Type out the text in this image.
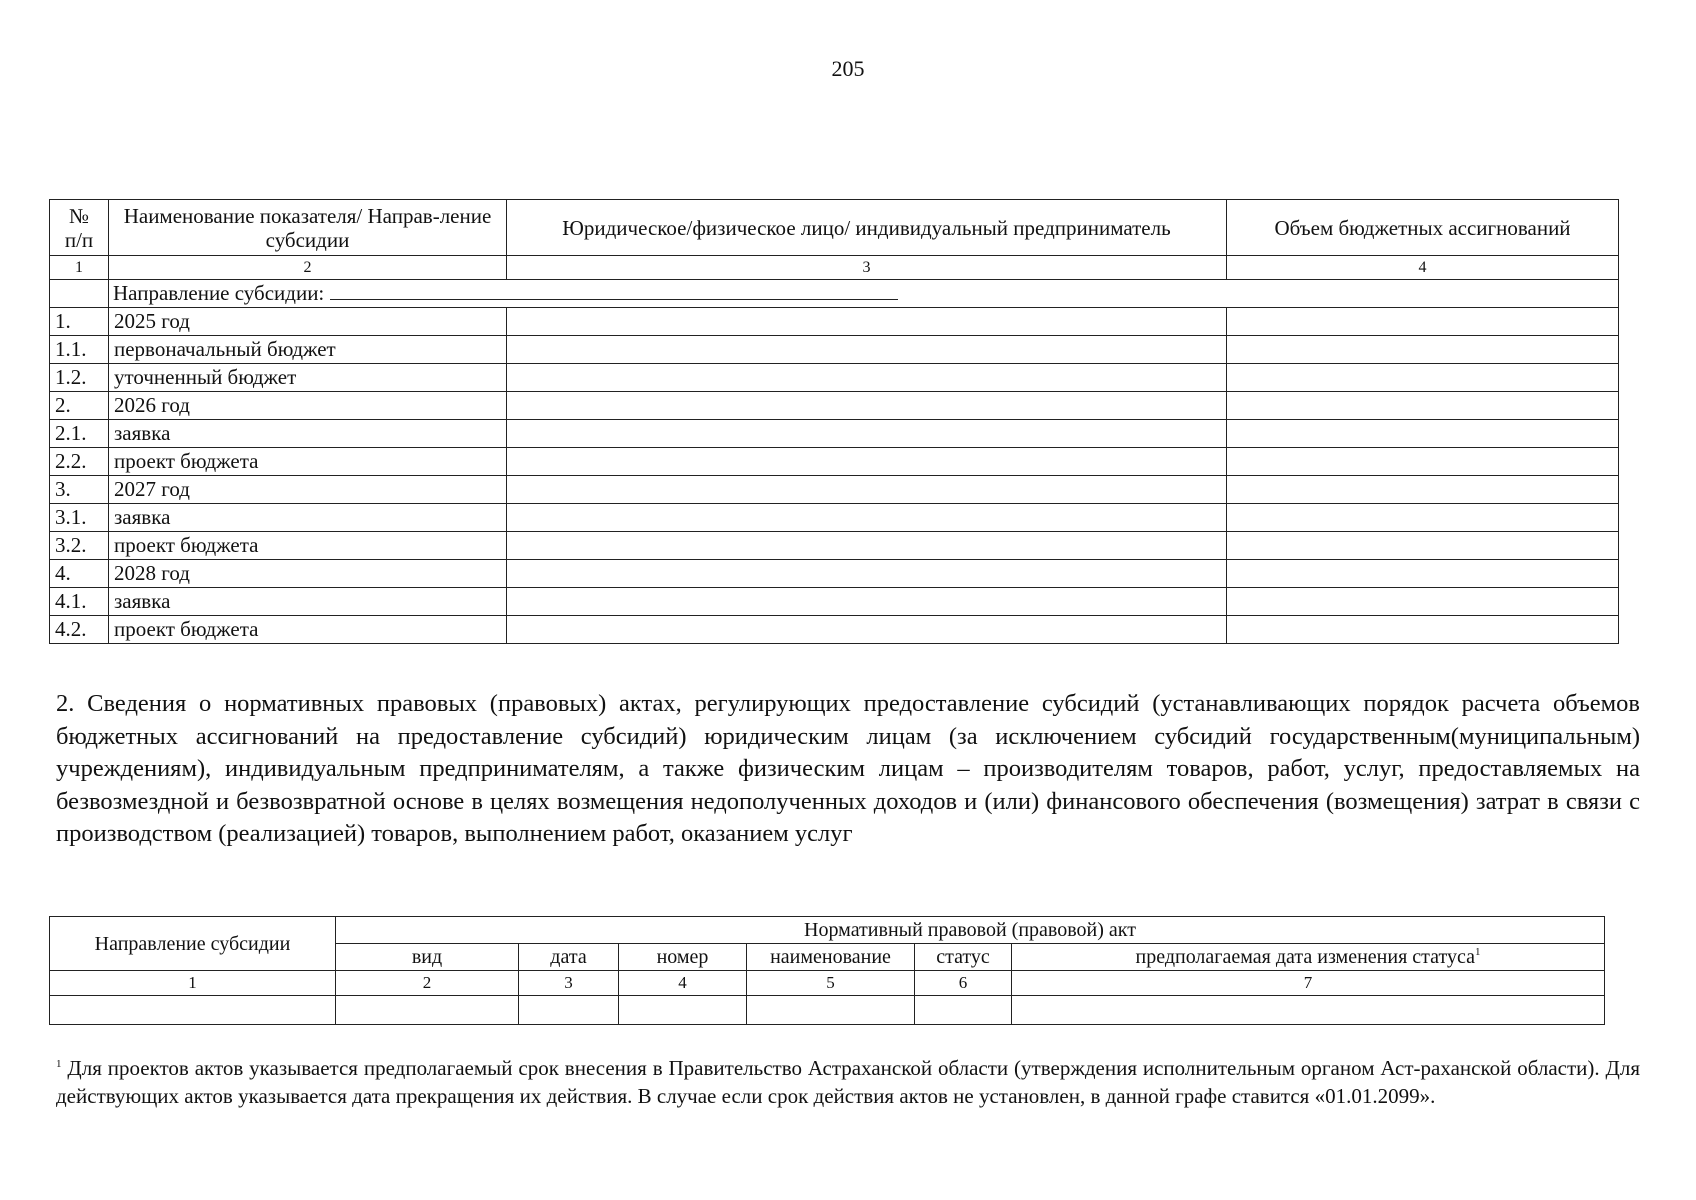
205
№
п/п	Наименование показателя/ Направ-ление субсидии	Юридическое/физическое лицо/ индивидуальный предприниматель	Объем бюджетных ассигнований
1	2	3	4
	Направление субсидии:		
1.	2025 год		
1.1.	первоначальный бюджет		
1.2.	уточненный бюджет		
2.	2026 год		
2.1.	заявка		
2.2.	проект бюджета		
3.	2027 год		
3.1.	заявка		
3.2.	проект бюджета		
4.	2028 год		
4.1.	заявка		
4.2.	проект бюджета		
2. Сведения о нормативных правовых (правовых) актах, регулирующих предоставление субсидий (устанавливающих порядок расчета объемов бюджетных ассигнований на предоставление субсидий) юридическим лицам (за исключением субсидий государственным(муниципальным) учреждениям), индивидуальным предпринимателям, а также физическим лицам – производителям товаров, работ, услуг, предоставляемых на безвозмездной и безвозвратной основе в целях возмещения недополученных доходов и (или) финансового обеспечения (возмещения) затрат в связи с производством (реализацией) товаров, выполнением работ, оказанием услуг
Направление субсидии	Нормативный правовой (правовой) акт					
	вид	дата	номер	наименование	статус	предполагаемая дата изменения статуса$^1$
1	2	3	4	5	6	7

$^1$ Для проектов актов указывается предполагаемый срок внесения в Правительство Астраханской области (утверждения исполнительным органом Аст-раханской области). Для действующих актов указывается дата прекращения их действия. В случае если срок действия актов не установлен, в данной графе ставится «01.01.2099».
